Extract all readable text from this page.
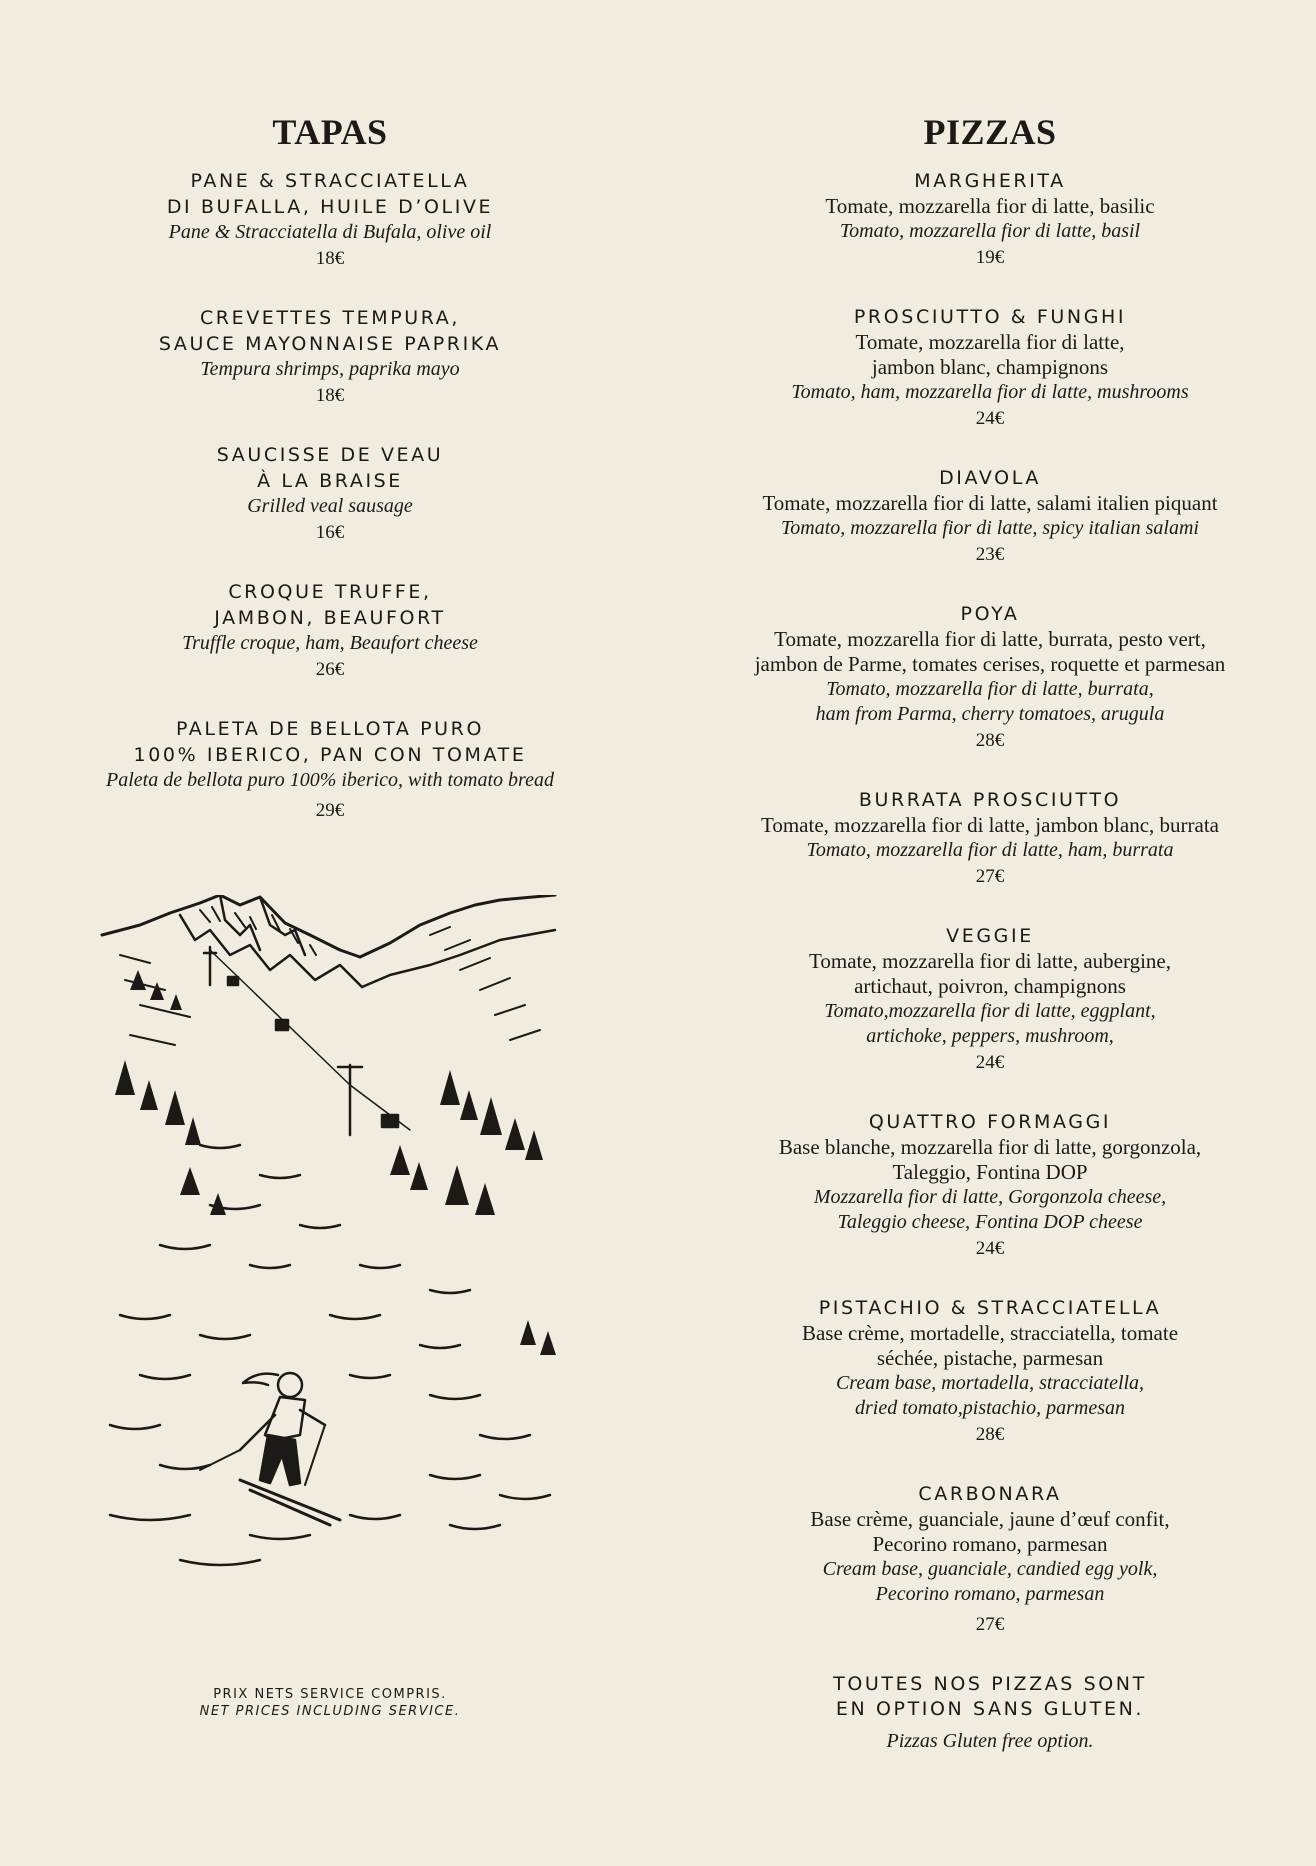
TAPAS
PANE & STRACCIATELLA
DI BUFALLA, HUILE D’OLIVE
Pane & Stracciatella di Bufala, olive oil
18€
CREVETTES TEMPURA,
SAUCE MAYONNAISE PAPRIKA
Tempura shrimps, paprika mayo
18€
SAUCISSE DE VEAU
À LA BRAISE
Grilled veal sausage
16€
CROQUE TRUFFE,
JAMBON, BEAUFORT
Truffle croque, ham, Beaufort cheese
26€
PALETA DE BELLOTA PURO
100% IBERICO, PAN CON TOMATE
Paleta de bellota puro 100% iberico, with tomato bread
29€
PIZZAS
MARGHERITA
Tomate, mozzarella fior di latte, basilic
Tomato, mozzarella fior di latte, basil
19€
PROSCIUTTO & FUNGHI
Tomate, mozzarella fior di latte,
jambon blanc, champignons
Tomato, ham, mozzarella fior di latte, mushrooms
24€
DIAVOLA
Tomate, mozzarella fior di latte, salami italien piquant
Tomato, mozzarella fior di latte, spicy italian salami
23€
POYA
Tomate, mozzarella fior di latte, burrata, pesto vert,
jambon de Parme, tomates cerises, roquette et parmesan
Tomato, mozzarella fior di latte, burrata,
ham from Parma, cherry tomatoes, arugula
28€
BURRATA PROSCIUTTO
Tomate, mozzarella fior di latte, jambon blanc, burrata
Tomato, mozzarella fior di latte, ham, burrata
27€
VEGGIE
Tomate, mozzarella fior di latte, aubergine,
artichaut, poivron, champignons
Tomato,mozzarella fior di latte, eggplant,
artichoke, peppers, mushroom,
24€
QUATTRO FORMAGGI
Base blanche, mozzarella fior di latte, gorgonzola,
Taleggio, Fontina DOP
Mozzarella fior di latte, Gorgonzola cheese,
Taleggio cheese, Fontina DOP cheese
24€
PISTACHIO & STRACCIATELLA
Base crème, mortadelle, stracciatella, tomate
séchée, pistache, parmesan
Cream base, mortadella, stracciatella,
dried tomato,pistachio, parmesan
28€
CARBONARA
Base crème, guanciale, jaune d’œuf confit,
Pecorino romano, parmesan
Cream base, guanciale, candied egg yolk,
Pecorino romano, parmesan
27€
PRIX NETS SERVICE COMPRIS.
NET PRICES INCLUDING SERVICE.
TOUTES NOS PIZZAS SONT
EN OPTION SANS GLUTEN.
Pizzas Gluten free option.
